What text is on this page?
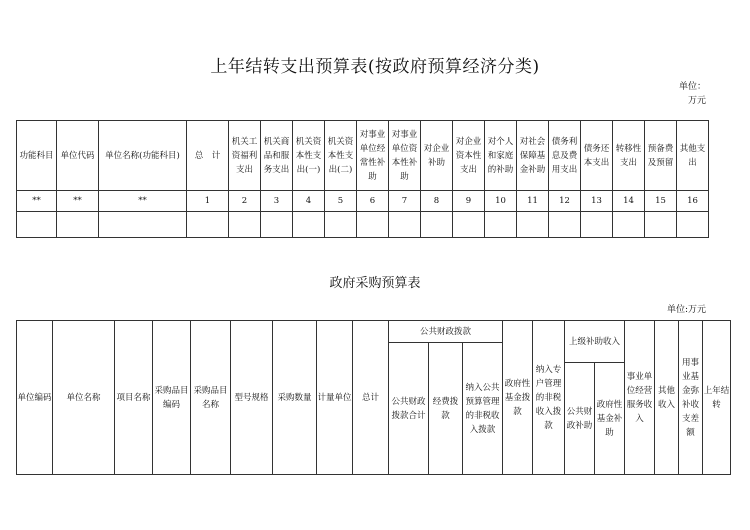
上年结转支出预算表(按政府预算经济分类)
单位：万元
功能科目	单位代码	单位名称(功能科目)	总　计	机关工资福利支出	机关商品和服务支出	机关资本性支出(一)	机关资本性支出(二)	对事业单位经常性补助	对事业单位资本性补助	对企业补助	对企业资本性支出	对个人和家庭的补助	对社会保障基金补助	债务利息及费用支出	债务还本支出	转移性支出	预备费及预留	其他支出
**	**	**	1	2	3	4	5	6	7	8	9	10	11	12	13	14	15	16

政府采购预算表
单位:万元
单位编码	单位名称	项目名称	采购品目编码	采购品目名称	型号规格	采购数量	计量单位	总计	公共财政拨款			政府性基金拨款	纳入专户管理的非税收入拨款	上级补助收入		事业单位经营服务收入	其他收入	用事业基金弥补收支差额	上年结转
									公共财政拨款合计	经费拨款	纳入公共预算管理的非税收入拨款								
														公共财政补助	政府性基金补助				
